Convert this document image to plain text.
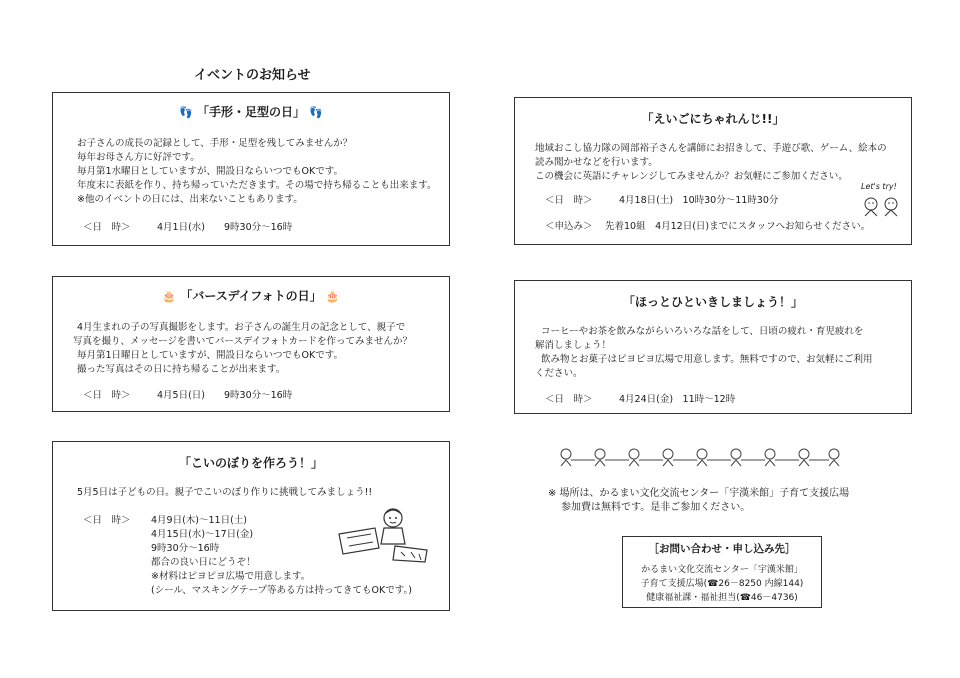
イベントのお知らせ
👣 「手形・足型の日」 👣
お子さんの成長の記録として、手形・足型を残してみませんか？
毎年お母さん方に好評です。
毎月第1水曜日としていますが、開設日ならいつでもOKです。
年度末に表紙を作り、持ち帰っていただきます。その場で持ち帰ることも出来ます。
※他のイベントの日には、出来ないこともあります。
＜日　時＞	4月1日(水)　　9時30分～16時
「えいごにちゃれんじ!!」
地域おこし協力隊の岡部裕子さんを講師にお招きして、手遊び歌、ゲーム、絵本の
読み聞かせなどを行います。
この機会に英語にチャレンジしてみませんか？お気軽にご参加ください。
＜日　時＞	4月18日(土)　10時30分～11時30分
＜申込み＞ 先着10組　4月12日(日)までにスタッフへお知らせください。
Let's try!
🎂 「バースデイフォトの日」 🎂
4月生まれの子の写真撮影をします。お子さんの誕生月の記念として、親子で
写真を撮り、メッセージを書いてバースデイフォトカードを作ってみませんか？
毎月第1日曜日としていますが、開設日ならいつでもOKです。
撮った写真はその日に持ち帰ることが出来ます。
＜日　時＞	4月5日(日)　　9時30分～16時
「ほっとひといきしましょう！」
コーヒーやお茶を飲みながらいろいろな話をして、日頃の疲れ・育児疲れを
解消しましょう！
飲み物とお菓子はピヨピヨ広場で用意します。無料ですので、お気軽にご利用
ください。
＜日　時＞	4月24日(金)　11時～12時
「こいのぼりを作ろう！」
5月5日は子どもの日。親子でこいのぼり作りに挑戦してみましょう!!
＜日　時＞ 4月9日(木)～11日(土)
4月15日(水)～17日(金)
9時30分～16時
都合の良い日にどうぞ！
※材料はピヨピヨ広場で用意します。
(シール、マスキングテープ等ある方は持ってきてもOKです。)
※ 場所は、かるまい文化交流センター「宇漢米館」子育て支援広場
参加費は無料です。是非ご参加ください。
［お問い合わせ・申し込み先］
かるまい文化交流センター「宇漢米館」
子育て支援広場(☎26－8250 内線144)
健康福祉課・福祉担当(☎46－4736)
